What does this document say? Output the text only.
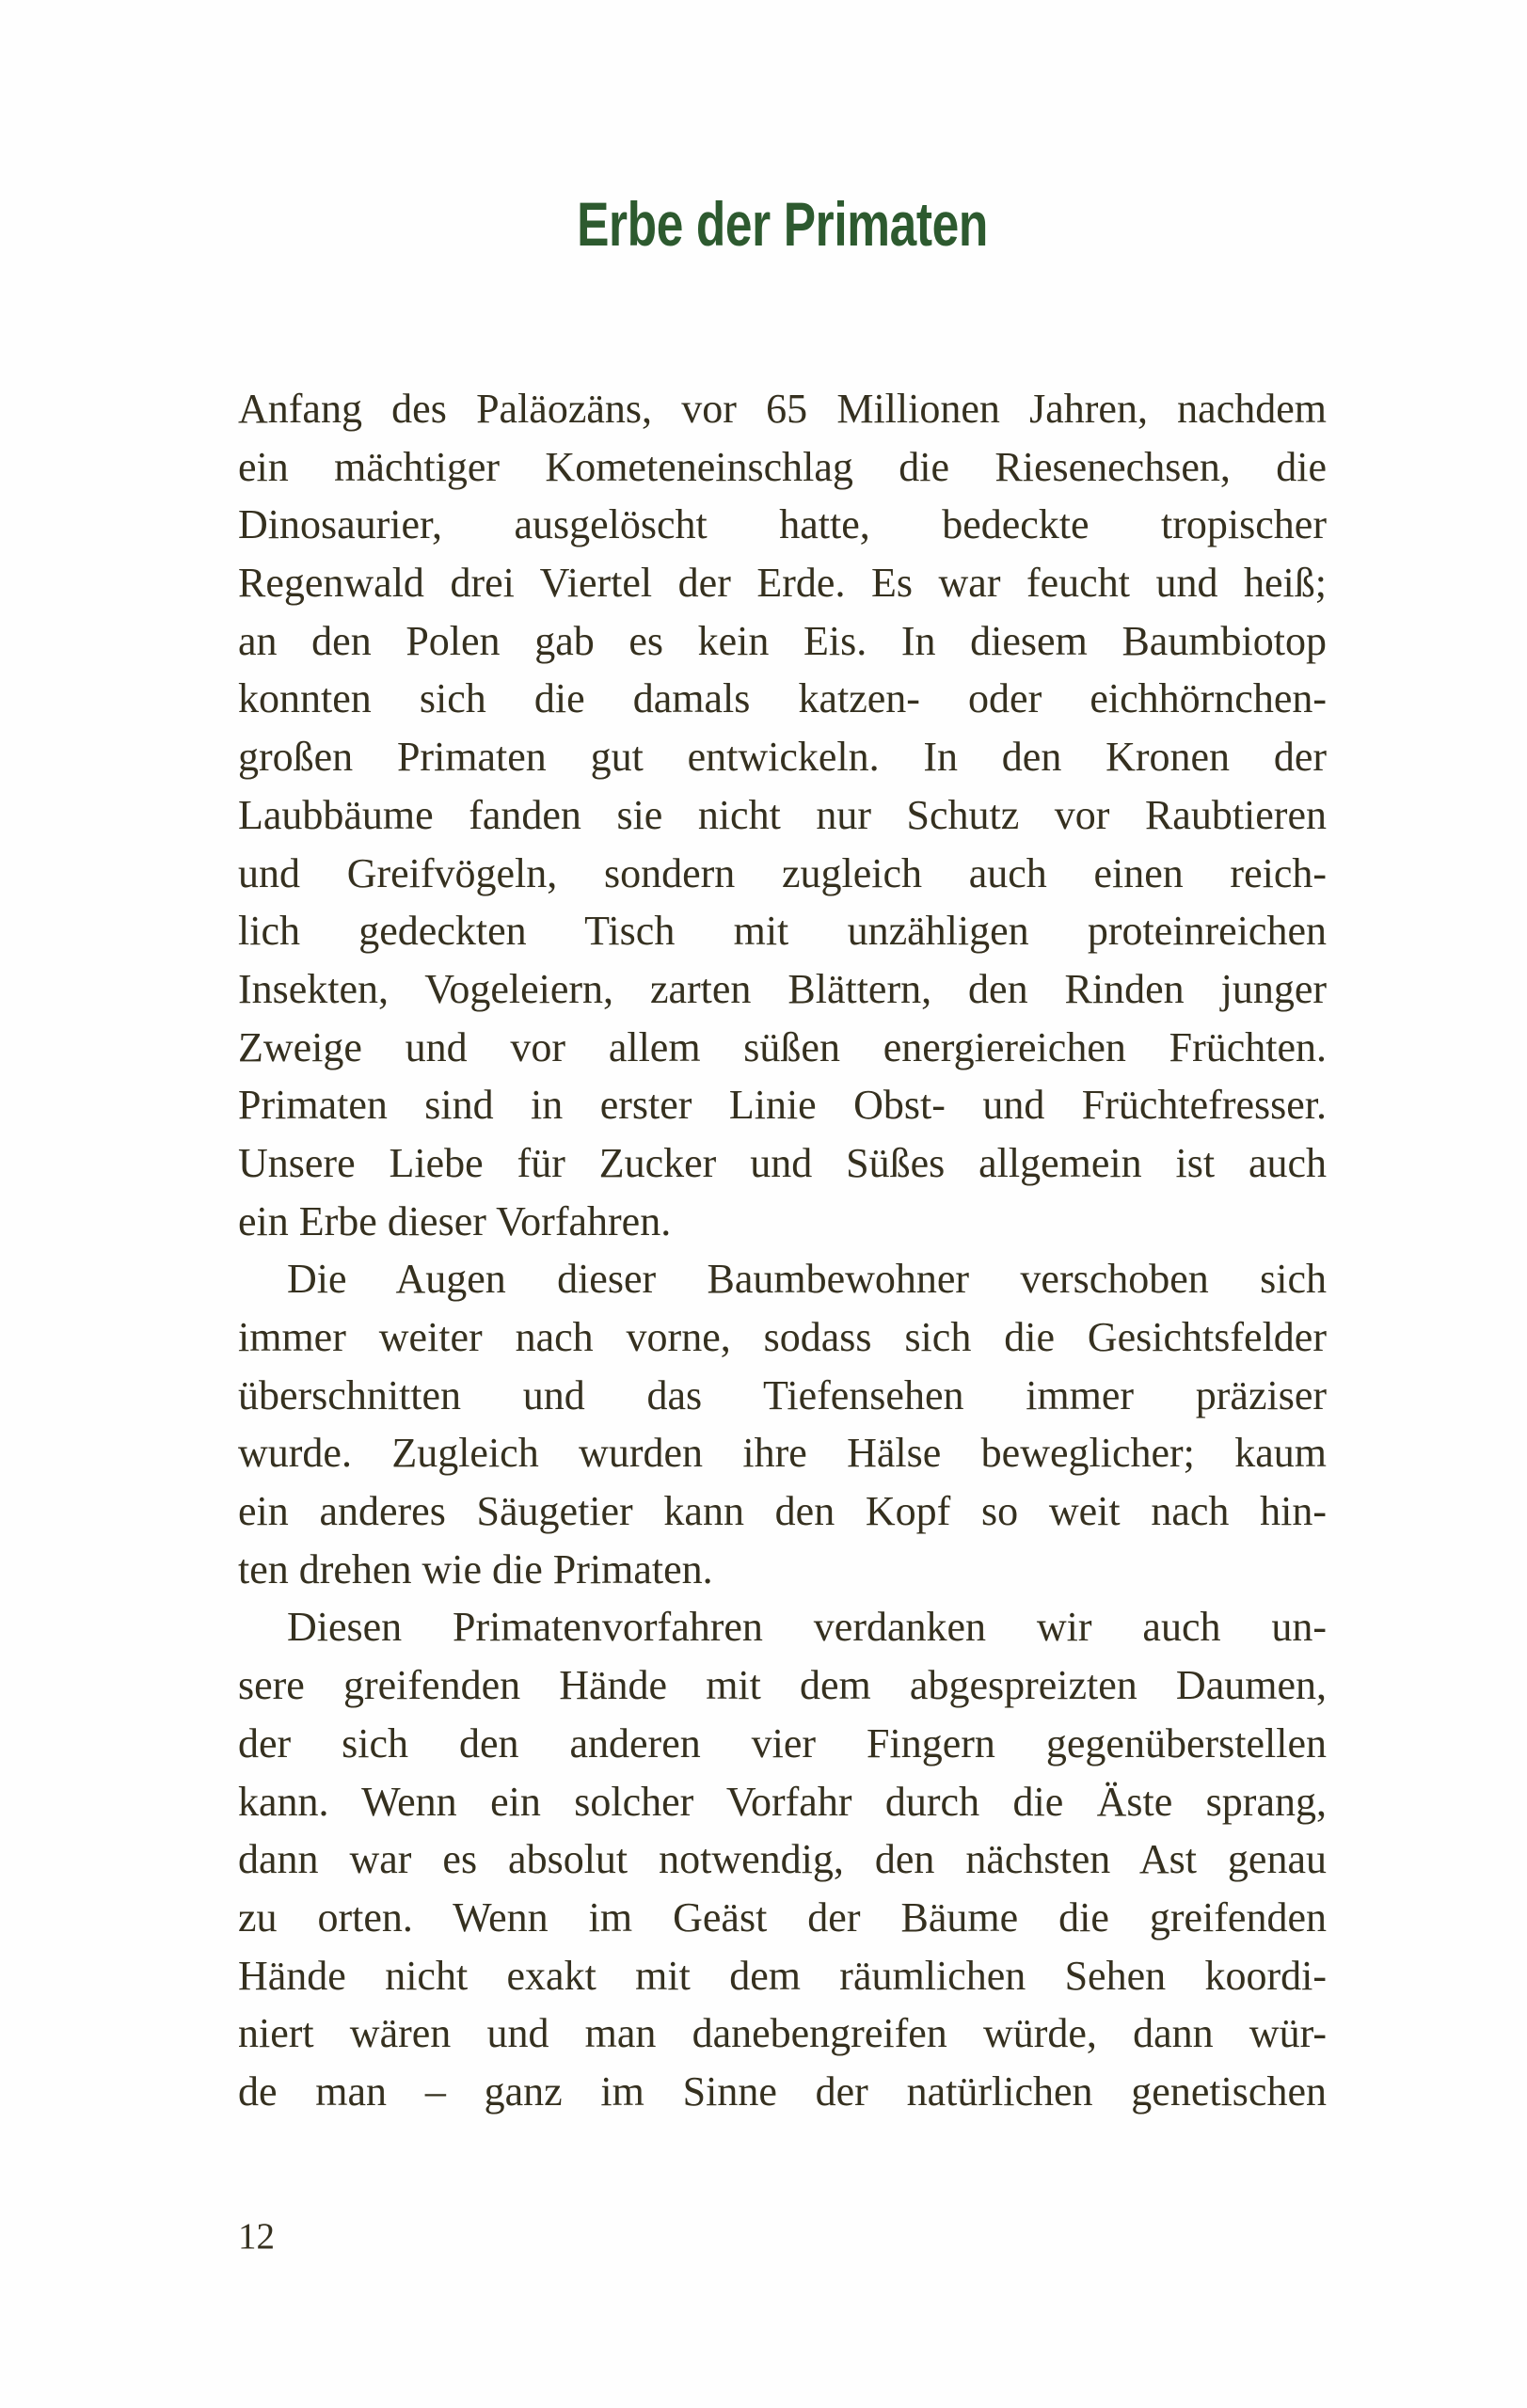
Erbe der Primaten
Anfang des Paläozäns, vor 65 Millionen Jahren, nachdem
ein mächtiger Kometeneinschlag die Riesenechsen, die
Dinosaurier, ausgelöscht hatte, bedeckte tropischer
Regenwald drei Viertel der Erde. Es war feucht und heiß;
an den Polen gab es kein Eis. In diesem Baumbiotop
konnten sich die damals katzen- oder eichhörnchen-
großen Primaten gut entwickeln. In den Kronen der
Laubbäume fanden sie nicht nur Schutz vor Raubtieren
und Greifvögeln, sondern zugleich auch einen reich-
lich gedeckten Tisch mit unzähligen proteinreichen
Insekten, Vogeleiern, zarten Blättern, den Rinden junger
Zweige und vor allem süßen energiereichen Früchten.
Primaten sind in erster Linie Obst- und Früchtefresser.
Unsere Liebe für Zucker und Süßes allgemein ist auch
ein Erbe dieser Vorfahren.
Die Augen dieser Baumbewohner verschoben sich
immer weiter nach vorne, sodass sich die Gesichtsfelder
überschnitten und das Tiefensehen immer präziser
wurde. Zugleich wurden ihre Hälse beweglicher; kaum
ein anderes Säugetier kann den Kopf so weit nach hin-
ten drehen wie die Primaten.
Diesen Primatenvorfahren verdanken wir auch un-
sere greifenden Hände mit dem abgespreizten Daumen,
der sich den anderen vier Fingern gegenüberstellen
kann. Wenn ein solcher Vorfahr durch die Äste sprang,
dann war es absolut notwendig, den nächsten Ast genau
zu orten. Wenn im Geäst der Bäume die greifenden
Hände nicht exakt mit dem räumlichen Sehen koordi-
niert wären und man danebengreifen würde, dann wür-
de man – ganz im Sinne der natürlichen genetischen
12
